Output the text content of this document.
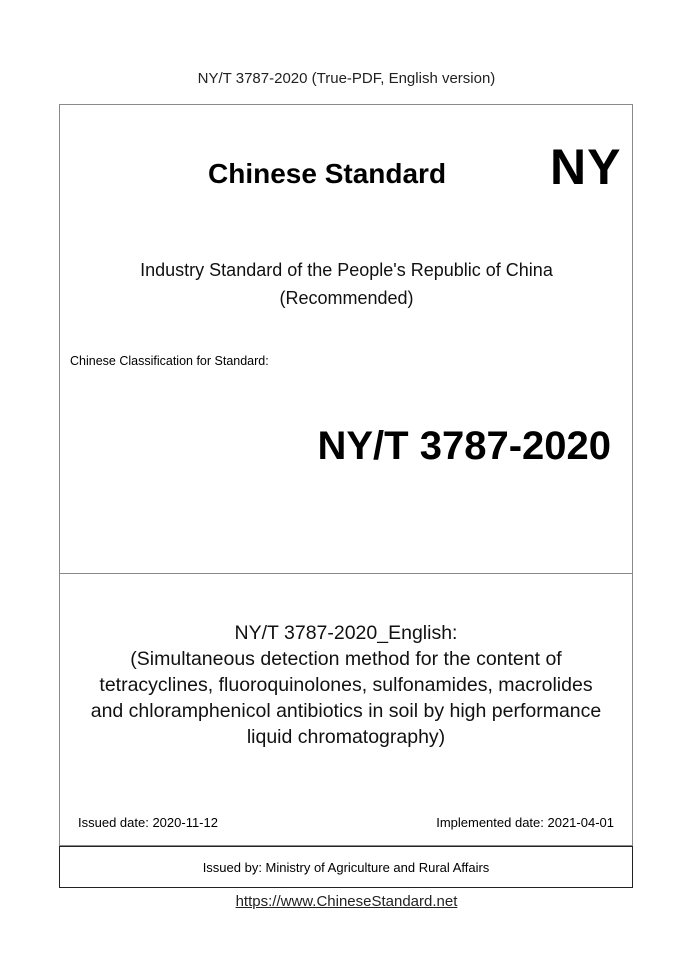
NY/T 3787-2020 (True-PDF, English version)
Chinese Standard NY
Industry Standard of the People's Republic of China
(Recommended)
Chinese Classification for Standard:
NY/T 3787-2020
NY/T 3787-2020_English:
(Simultaneous detection method for the content of
tetracyclines, fluoroquinolones, sulfonamides, macrolides
and chloramphenicol antibiotics in soil by high performance
liquid chromatography)
Issued date: 2020-11-12	Implemented date: 2021-04-01
Issued by: Ministry of Agriculture and Rural Affairs
https://www.ChineseStandard.net
